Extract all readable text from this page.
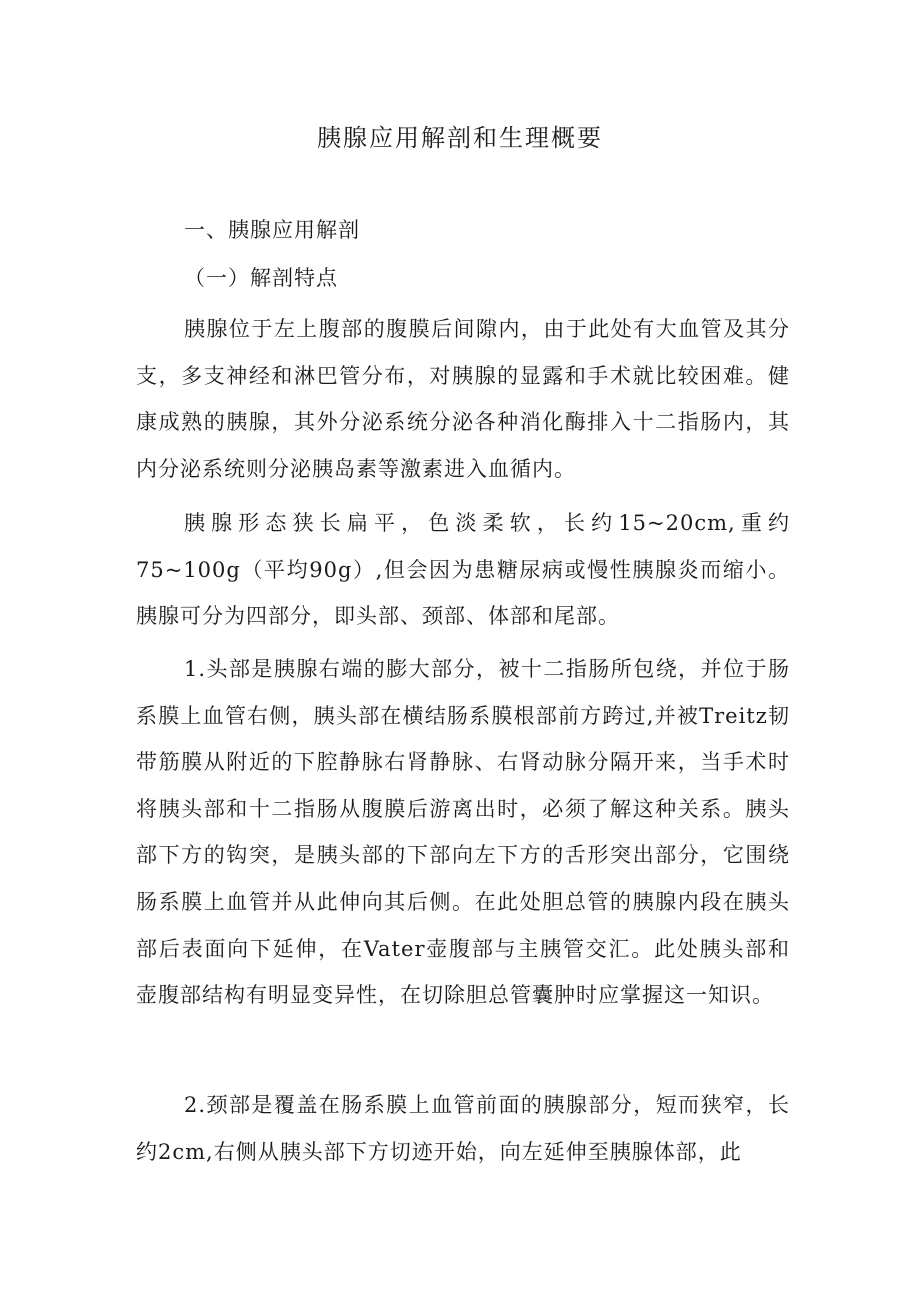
胰腺应用解剖和生理概要
一、胰腺应用解剖
（一）解剖特点

胰腺位于左上腹部的腹膜后间隙内，由于此处有大血管及其分支，多支神经和淋巴管分布，对胰腺的显露和手术就比较困难。健康成熟的胰腺，其外分泌系统分泌各种消化酶排入十二指肠内，其内分泌系统则分泌胰岛素等激素进入血循内。

胰腺形态狭长扁平，色淡柔软，长约15~20cm,重约75~100g（平均90g）,但会因为患糖尿病或慢性胰腺炎而缩小。胰腺可分为四部分，即头部、颈部、体部和尾部。

1.头部是胰腺右端的膨大部分，被十二指肠所包绕，并位于肠系膜上血管右侧，胰头部在横结肠系膜根部前方跨过,并被Treitz韧带筋膜从附近的下腔静脉右肾静脉、右肾动脉分隔开来，当手术时将胰头部和十二指肠从腹膜后游离出时，必须了解这种关系。胰头部下方的钩突，是胰头部的下部向左下方的舌形突出部分，它围绕肠系膜上血管并从此伸向其后侧。在此处胆总管的胰腺内段在胰头部后表面向下延伸，在Vater壶腹部与主胰管交汇。此处胰头部和壶腹部结构有明显变异性，在切除胆总管囊肿时应掌握这一知识。

2.颈部是覆盖在肠系膜上血管前面的胰腺部分，短而狭窄，长约2cm,右侧从胰头部下方切迹开始，向左延伸至胰腺体部，此
